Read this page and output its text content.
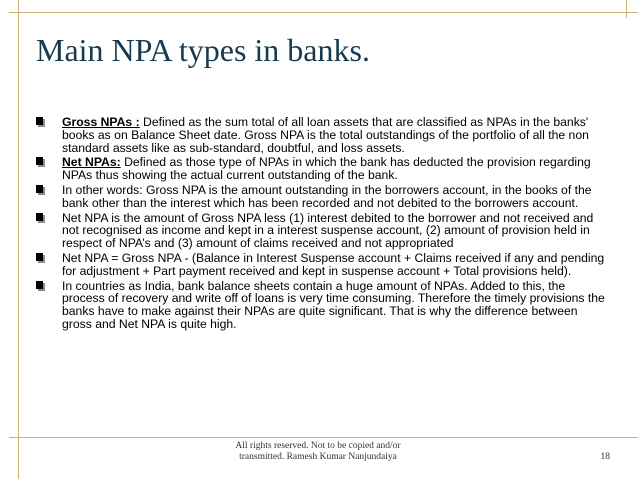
Main NPA types in banks.
Gross NPAs : Defined as the sum total of all loan assets that are classified as NPAs in the banks' books as on Balance Sheet date. Gross NPA is the total outstandings of the portfolio of all the non standard assets like as sub-standard, doubtful, and loss assets.
Net NPAs: Defined as those type of NPAs in which the bank has deducted the provision regarding NPAs thus showing the actual current outstanding of the bank.
In other words: Gross NPA is the amount outstanding in the borrowers account, in the books of the bank other than the interest which has been recorded and not debited to the borrowers account.
Net NPA is the amount of Gross NPA less (1) interest debited to the borrower and not received and not recognised as income and kept in a interest suspense account, (2) amount of provision held in respect of NPA’s and (3) amount of claims received and not appropriated
Net NPA = Gross NPA - (Balance in Interest Suspense account + Claims received if any and pending for adjustment + Part payment received and kept in suspense account + Total provisions held).
In countries as India, bank balance sheets contain a huge amount of NPAs. Added to this, the process of recovery and write off of loans is very time consuming. Therefore the timely provisions the banks have to make against their NPAs are quite significant. That is why the difference between gross and Net NPA is quite high.
All rights reserved. Not to be copied and/or
transmitted. Ramesh Kumar Nanjundaiya	18
